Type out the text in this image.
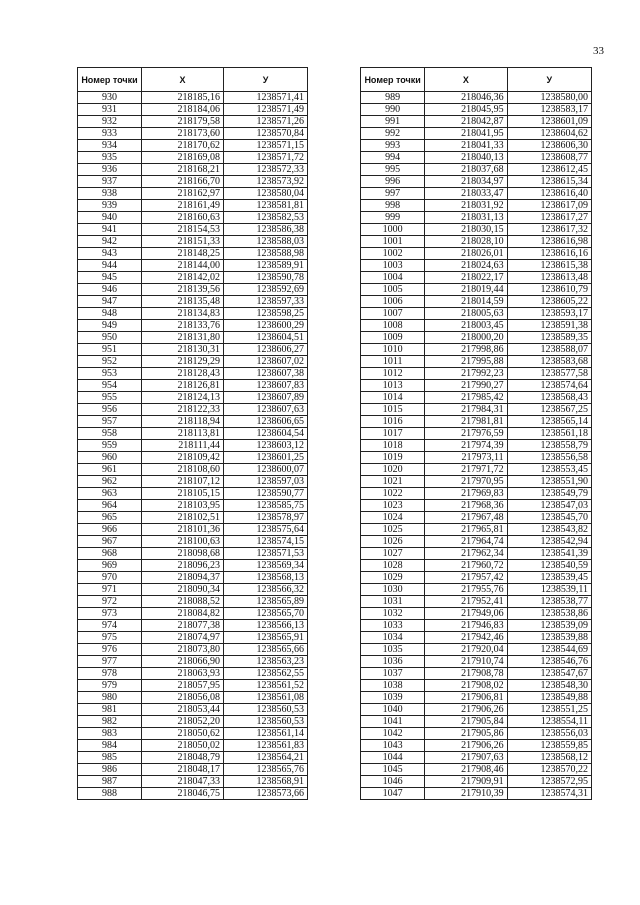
33
Номер точки	X	У
930	218185,16	1238571,41
931	218184,06	1238571,49
932	218179,58	1238571,26
933	218173,60	1238570,84
934	218170,62	1238571,15
935	218169,08	1238571,72
936	218168,21	1238572,33
937	218166,70	1238573,92
938	218162,97	1238580,04
939	218161,49	1238581,81
940	218160,63	1238582,53
941	218154,53	1238586,38
942	218151,33	1238588,03
943	218148,25	1238588,98
944	218144,00	1238589,91
945	218142,02	1238590,78
946	218139,56	1238592,69
947	218135,48	1238597,33
948	218134,83	1238598,25
949	218133,76	1238600,29
950	218131,80	1238604,51
951	218130,31	1238606,27
952	218129,29	1238607,02
953	218128,43	1238607,38
954	218126,81	1238607,83
955	218124,13	1238607,89
956	218122,33	1238607,63
957	218118,94	1238606,65
958	218113,81	1238604,54
959	218111,44	1238603,12
960	218109,42	1238601,25
961	218108,60	1238600,07
962	218107,12	1238597,03
963	218105,15	1238590,77
964	218103,95	1238585,75
965	218102,51	1238578,97
966	218101,36	1238575,64
967	218100,63	1238574,15
968	218098,68	1238571,53
969	218096,23	1238569,34
970	218094,37	1238568,13
971	218090,34	1238566,32
972	218088,52	1238565,89
973	218084,82	1238565,70
974	218077,38	1238566,13
975	218074,97	1238565,91
976	218073,80	1238565,66
977	218066,90	1238563,23
978	218063,93	1238562,55
979	218057,95	1238561,52
980	218056,08	1238561,08
981	218053,44	1238560,53
982	218052,20	1238560,53
983	218050,62	1238561,14
984	218050,02	1238561,83
985	218048,79	1238564,21
986	218048,17	1238565,76
987	218047,33	1238568,91
988	218046,75	1238573,66
Номер точки	X	У
989	218046,36	1238580,00
990	218045,95	1238583,17
991	218042,87	1238601,09
992	218041,95	1238604,62
993	218041,33	1238606,30
994	218040,13	1238608,77
995	218037,68	1238612,45
996	218034,97	1238615,34
997	218033,47	1238616,40
998	218031,92	1238617,09
999	218031,13	1238617,27
1000	218030,15	1238617,32
1001	218028,10	1238616,98
1002	218026,01	1238616,16
1003	218024,63	1238615,38
1004	218022,17	1238613,48
1005	218019,44	1238610,79
1006	218014,59	1238605,22
1007	218005,63	1238593,17
1008	218003,45	1238591,38
1009	218000,20	1238589,35
1010	217998,86	1238588,07
1011	217995,88	1238583,68
1012	217992,23	1238577,58
1013	217990,27	1238574,64
1014	217985,42	1238568,43
1015	217984,31	1238567,25
1016	217981,81	1238565,14
1017	217976,59	1238561,18
1018	217974,39	1238558,79
1019	217973,11	1238556,58
1020	217971,72	1238553,45
1021	217970,95	1238551,90
1022	217969,83	1238549,79
1023	217968,36	1238547,03
1024	217967,48	1238545,70
1025	217965,81	1238543,82
1026	217964,74	1238542,94
1027	217962,34	1238541,39
1028	217960,72	1238540,59
1029	217957,42	1238539,45
1030	217955,76	1238539,11
1031	217952,41	1238538,77
1032	217949,06	1238538,86
1033	217946,83	1238539,09
1034	217942,46	1238539,88
1035	217920,04	1238544,69
1036	217910,74	1238546,76
1037	217908,78	1238547,67
1038	217908,02	1238548,30
1039	217906,81	1238549,88
1040	217906,26	1238551,25
1041	217905,84	1238554,11
1042	217905,86	1238556,03
1043	217906,26	1238559,85
1044	217907,63	1238568,12
1045	217908,46	1238570,22
1046	217909,91	1238572,95
1047	217910,39	1238574,31
